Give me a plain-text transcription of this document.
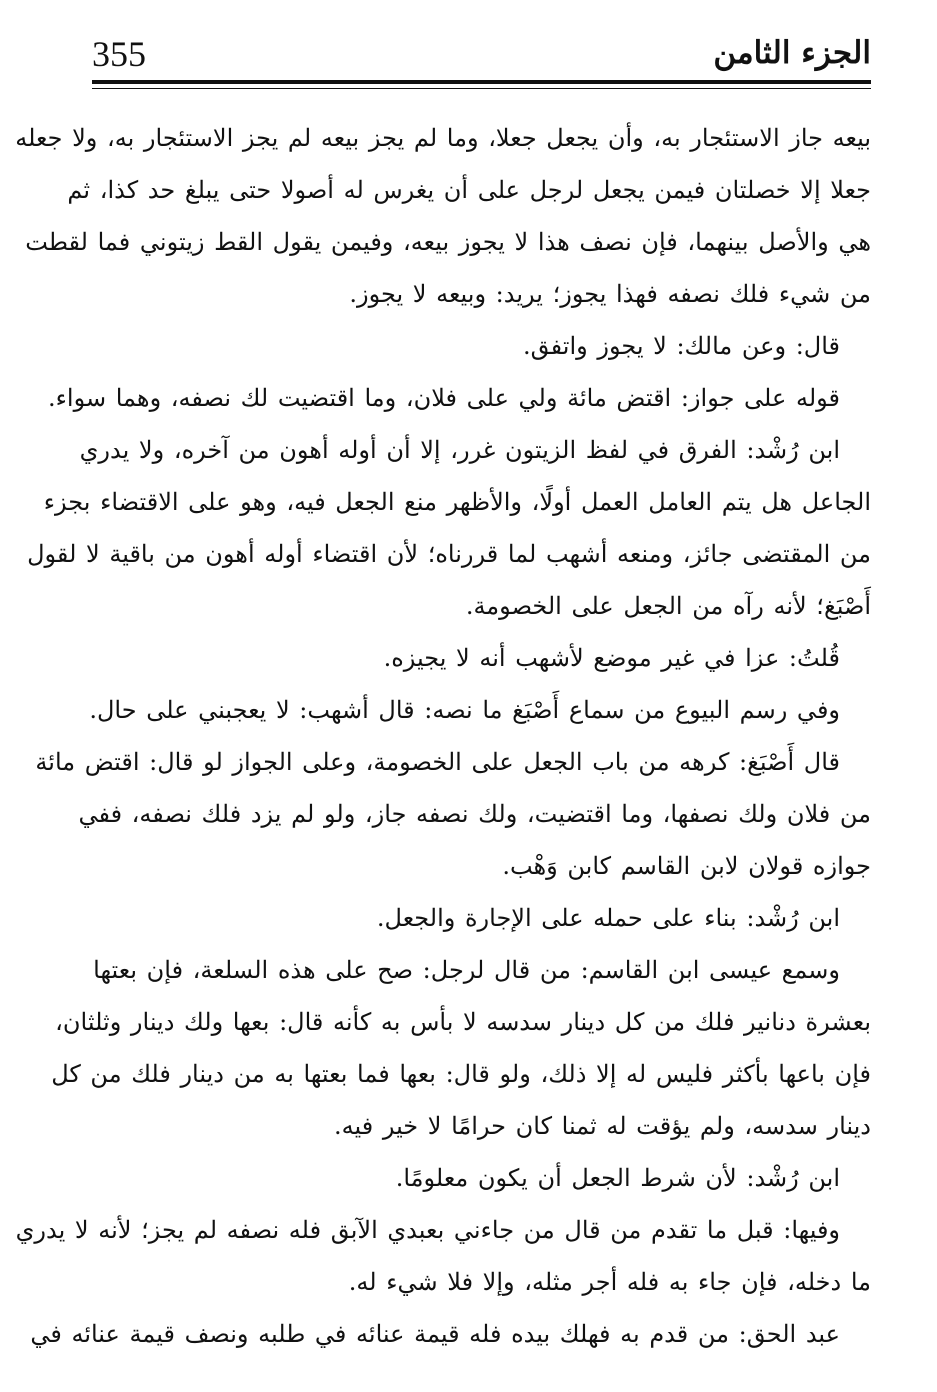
355	الجزء الثامن
بيعه جاز الاستئجار به، وأن يجعل جعلا، وما لم يجز بيعه لم يجز الاستئجار به، ولا جعله
جعلا إلا خصلتان فيمن يجعل لرجل على أن يغرس له أصولا حتى يبلغ حد كذا، ثم
هي والأصل بينهما، فإن نصف هذا لا يجوز بيعه، وفيمن يقول القط زيتوني فما لقطت
من شيء فلك نصفه فهذا يجوز؛ يريد: وبيعه لا يجوز.
قال: وعن مالك: لا يجوز واتفق.
قوله على جواز: اقتض مائة ولي على فلان، وما اقتضيت لك نصفه، وهما سواء.
ابن رُشْد: الفرق في لفظ الزيتون غرر، إلا أن أوله أهون من آخره، ولا يدري
الجاعل هل يتم العامل العمل أولًا، والأظهر منع الجعل فيه، وهو على الاقتضاء بجزء
من المقتضى جائز، ومنعه أشهب لما قررناه؛ لأن اقتضاء أوله أهون من باقية لا لقول
أَصْبَغ؛ لأنه رآه من الجعل على الخصومة.
قُلتُ: عزا في غير موضع لأشهب أنه لا يجيزه.
وفي رسم البيوع من سماع أَصْبَغ ما نصه: قال أشهب: لا يعجبني على حال.
قال أَصْبَغ: كرهه من باب الجعل على الخصومة، وعلى الجواز لو قال: اقتض مائة
من فلان ولك نصفها، وما اقتضيت، ولك نصفه جاز، ولو لم يزد فلك نصفه، ففي
جوازه قولان لابن القاسم كابن وَهْب.
ابن رُشْد: بناء على حمله على الإجارة والجعل.
وسمع عيسى ابن القاسم: من قال لرجل: صح على هذه السلعة، فإن بعتها
بعشرة دنانير فلك من كل دينار سدسه لا بأس به كأنه قال: بعها ولك دينار وثلثان،
فإن باعها بأكثر فليس له إلا ذلك، ولو قال: بعها فما بعتها به من دينار فلك من كل
دينار سدسه، ولم يؤقت له ثمنا كان حرامًا لا خير فيه.
ابن رُشْد: لأن شرط الجعل أن يكون معلومًا.
وفيها: قبل ما تقدم من قال من جاءني بعبدي الآبق فله نصفه لم يجز؛ لأنه لا يدري
ما دخله، فإن جاء به فله أجر مثله، وإلا فلا شيء له.
عبد الحق: من قدم به فهلك بيده فله قيمة عنائه في طلبه ونصف قيمة عنائه في
